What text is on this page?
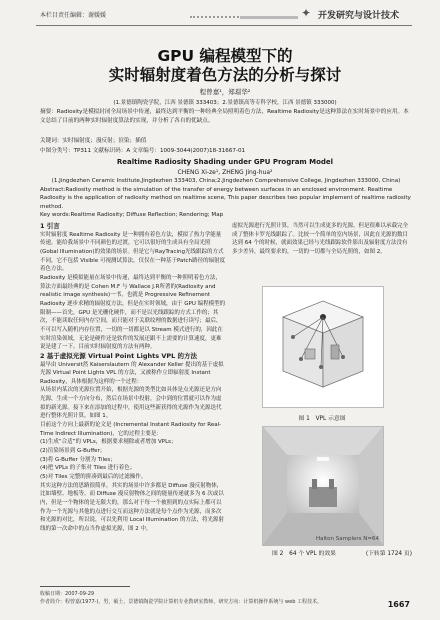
本栏目责任编辑：谢媛媛	✦ 开发研究与设计技术
GPU 编程模型下的
实时辐射度着色方法的分析与探讨
程曾嘉¹，郑璟华²
(1.景德镇陶瓷学院，江西 景德镇 333403；2.景德镇高等专科学校，江西 景德镇 333000)
摘要：Radiosity是模拟封闭全局场景中传递，最终达到平衡的一种经典全局照明着色方法，Realtime Radiosity是这种算法在实时场景中的应用。本文总结了目前的两种实时辐射度算法的实现，并分析了各自的优缺点。
关键词：实时辐射度；漫反射；渲染；插值
中图分类号：TP311 文献标识码：A 文章编号：1009-3044(2007)18-31667-01
Realtime Radiosity Shading under GPU Program Model
CHENG Xi-ze¹, ZHENG Jing-hua²
(1.Jingdezhen Ceramic Institute,Jingdezhen 333403, China;2.Jingdezhen Comprehensive College, Jingdezhen 333000, China)
Abstract:Radiosity method is the simulation of the transfer of energy between surfaces in an enclosed environment. Realtime Radiosity is the application of radiosity method on realtime scene, This paper describes two popular implement of realtime radiosity method.
Key words:Realtime Radiosity; Diffuse Reflection; Rendering; Map

1 引言

实时辐射度 Realtime Radiosity 是一种拥有着色方法，模拟了热力学能量传递，能给我场景中不同颜色的过渡，它可以很好的生成具有全局光照(Gobal Illumination)的效果的场景。但是它与RayTracing光线跟踪的方式不同，它不包括 Visible 可视测试算法，仅仅在一种基于Patch路径的辐射度着色方法。

Radiosity 是模拟能量在场景中传递，最终达到平衡的一种照明着色方法，算法方面最经典的是 Cohen M.F 与 Wallace J.R所著的(Radiosity and realistic image synthesis)一书，也就是 Progressive Refinement Radiosity 逐步求精的辐射度方法，但是在实时领域，由于 GPU 编程模型的限制——首先，GPU 是光栅化硬件，而不是以光线跟踪的方式工作的；其次，不能读取任何内存空间，而只能对于关联纹理的数据进行读写；最后，不可以写入随机内存位置，一切的一切都是以 Stream 模式进行的，因此在实时渲染领域，无论是硬件还是软件的发展还跟不上需要的计算速度，更难说是建了一下。目前实时辐射度的方法有两种。

2 基于虚拟光源 Virtual Point Lights VPL 的方法

最早由 Universit然 Kaiserslautern 的 Alexander Keller 提出的基于虚拟光源 Virtual Point Lights VPL 的方法，又被称作立即辐射度 Instant Radiosity，具体根据为这样的一个过程：

从场景内某次的光源位置开始，根据光源的类型比如具体是点光源还是方向光源，生成一个方向分布，然后在场景中投射，会中到的位置就可以作为虚拟的新光源。接下来在添加的过程中，使用这些新获得的光源作为光源迭代进行整体光照计算，如图 1。

目前这个方向上最新的论文是 (Incremental Instant Radiosity for Real-Time Indirect Illumination)，它的过程主要是：

(1)生成“合适”的 VPLs，根据要求剔除或者增加 VPLs；

(2)渲染场景到 G-Buffer；

(3)将 G-Buffer 分割为 Tiles；

(4)把 VPLs 的子集对 Tiles 进行着色；

(5)对 Tiles 完整的拼凑到最后的过滤操作。

其实这种方法的思路很简单，其实的场景中许多都是 Diffuse 漫反射物体，比如墙壁、地板等。而 Diffuse 漫反射物体之间的能量传递就多为 6 次或以内，但是一个物体的是无限大的，那么对于每一个被照到的点实际上都可以作为一个光源与其他的点进行交互而这种方法就是每个点作为光源，而多次和光源的对比，所以说，可以先利用 Local Illumination 的方法，将光源射线的第一次命中的点当作虚拟光源，图 2 中，

虚拟光源进行光照计算，当然可以生成更多的光源，但是很难以承载完全成了整体卡罗光线跟踪了。比较一个简单的室内场景，因此在光源的数目达到 64 个的时候，就面效果已经与光线跟踪软件影出及辐射度方法没有多少差异，最终要求的，一切的一切都与全局光照的，如图 2。

图 1　VPL 示意图
Halton Samplers N=64
图 2　64 个 VPL 的效果	(下转第 1724 页)
收稿日期：2007-09-29
作者简介：程曾嘉(1977-)，男，硕士，景德镇陶瓷学院计算机专业教研室教师，研究方向：计算机操作系统与 web 工程技术。	1667
